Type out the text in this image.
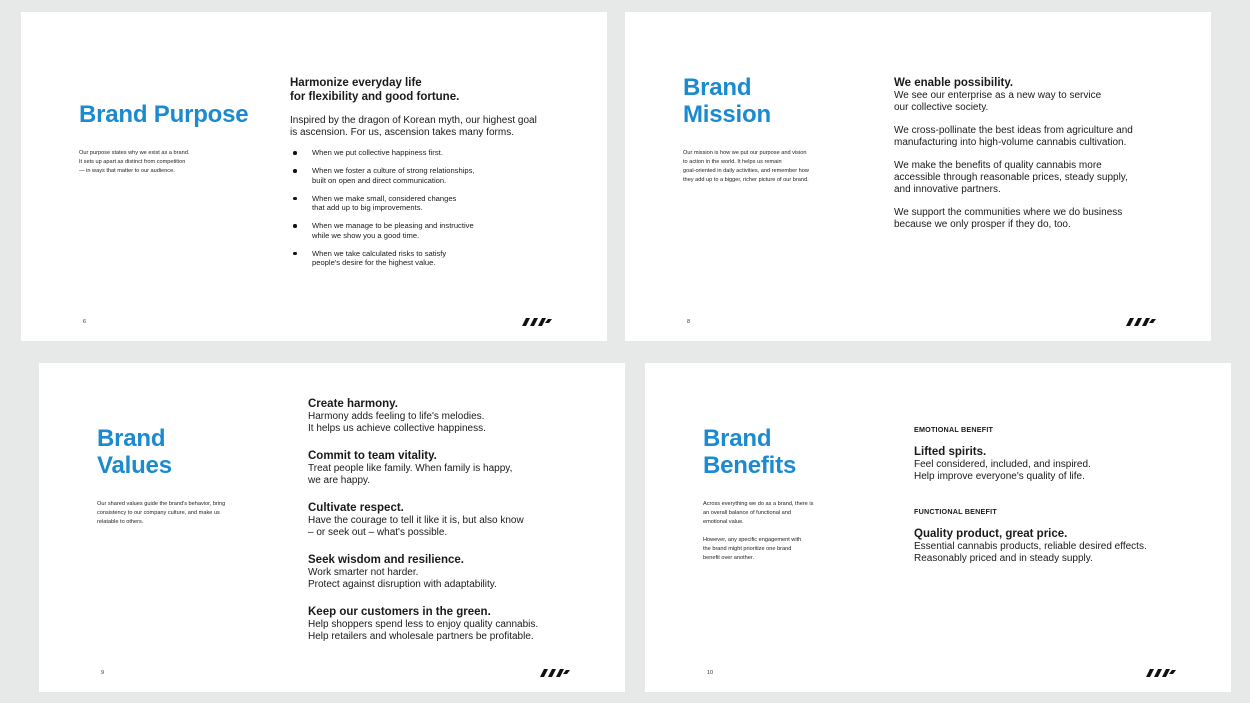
Brand Purpose

Our purpose states why we exist as a brand.
It sets up apart as distinct from competition
— in ways that matter to our audience.

Harmonize everyday life
for flexibility and good fortune.

Inspired by the dragon of Korean myth, our highest goal
is ascension. For us, ascension takes many forms.

When we put collective happiness first.
When we foster a culture of strong relationships,
built on open and direct communication.
When we make small, considered changes
that add up to big improvements.
When we manage to be pleasing and instructive
while we show you a good time.
When we take calculated risks to satisfy
people's desire for the highest value.
6
Brand
Mission

Our mission is how we put our purpose and vision
to action in the world. It helps us remain
goal-oriented in daily activities, and remember how
they add up to a bigger, richer picture of our brand.

We enable possibility.

We see our enterprise as a new way to service
our collective society.
We cross-pollinate the best ideas from agriculture and
manufacturing into high-volume cannabis cultivation.
We make the benefits of quality cannabis more
accessible through reasonable prices, steady supply,
and innovative partners.
We support the communities where we do business
because we only prosper if they do, too.
8
Brand
Values

Our shared values guide the brand's behavior, bring
consistency to our company culture, and make us
relatable to others.

Create harmony.

Harmony adds feeling to life's melodies.
It helps us achieve collective happiness.

Commit to team vitality.

Treat people like family. When family is happy,
we are happy.

Cultivate respect.

Have the courage to tell it like it is, but also know
– or seek out – what's possible.

Seek wisdom and resilience.

Work smarter not harder.
Protect against disruption with adaptability.

Keep our customers in the green.

Help shoppers spend less to enjoy quality cannabis.
Help retailers and wholesale partners be profitable.
9
Brand
Benefits

Across everything we do as a brand, there is
an overall balance of functional and
emotional value.

However, any specific engagement with
the brand might prioritize one brand
benefit over another.

EMOTIONAL BENEFIT

Lifted spirits.

Feel considered, included, and inspired.
Help improve everyone's quality of life.

FUNCTIONAL BENEFIT

Quality product, great price.

Essential cannabis products, reliable desired effects.
Reasonably priced and in steady supply.
10
